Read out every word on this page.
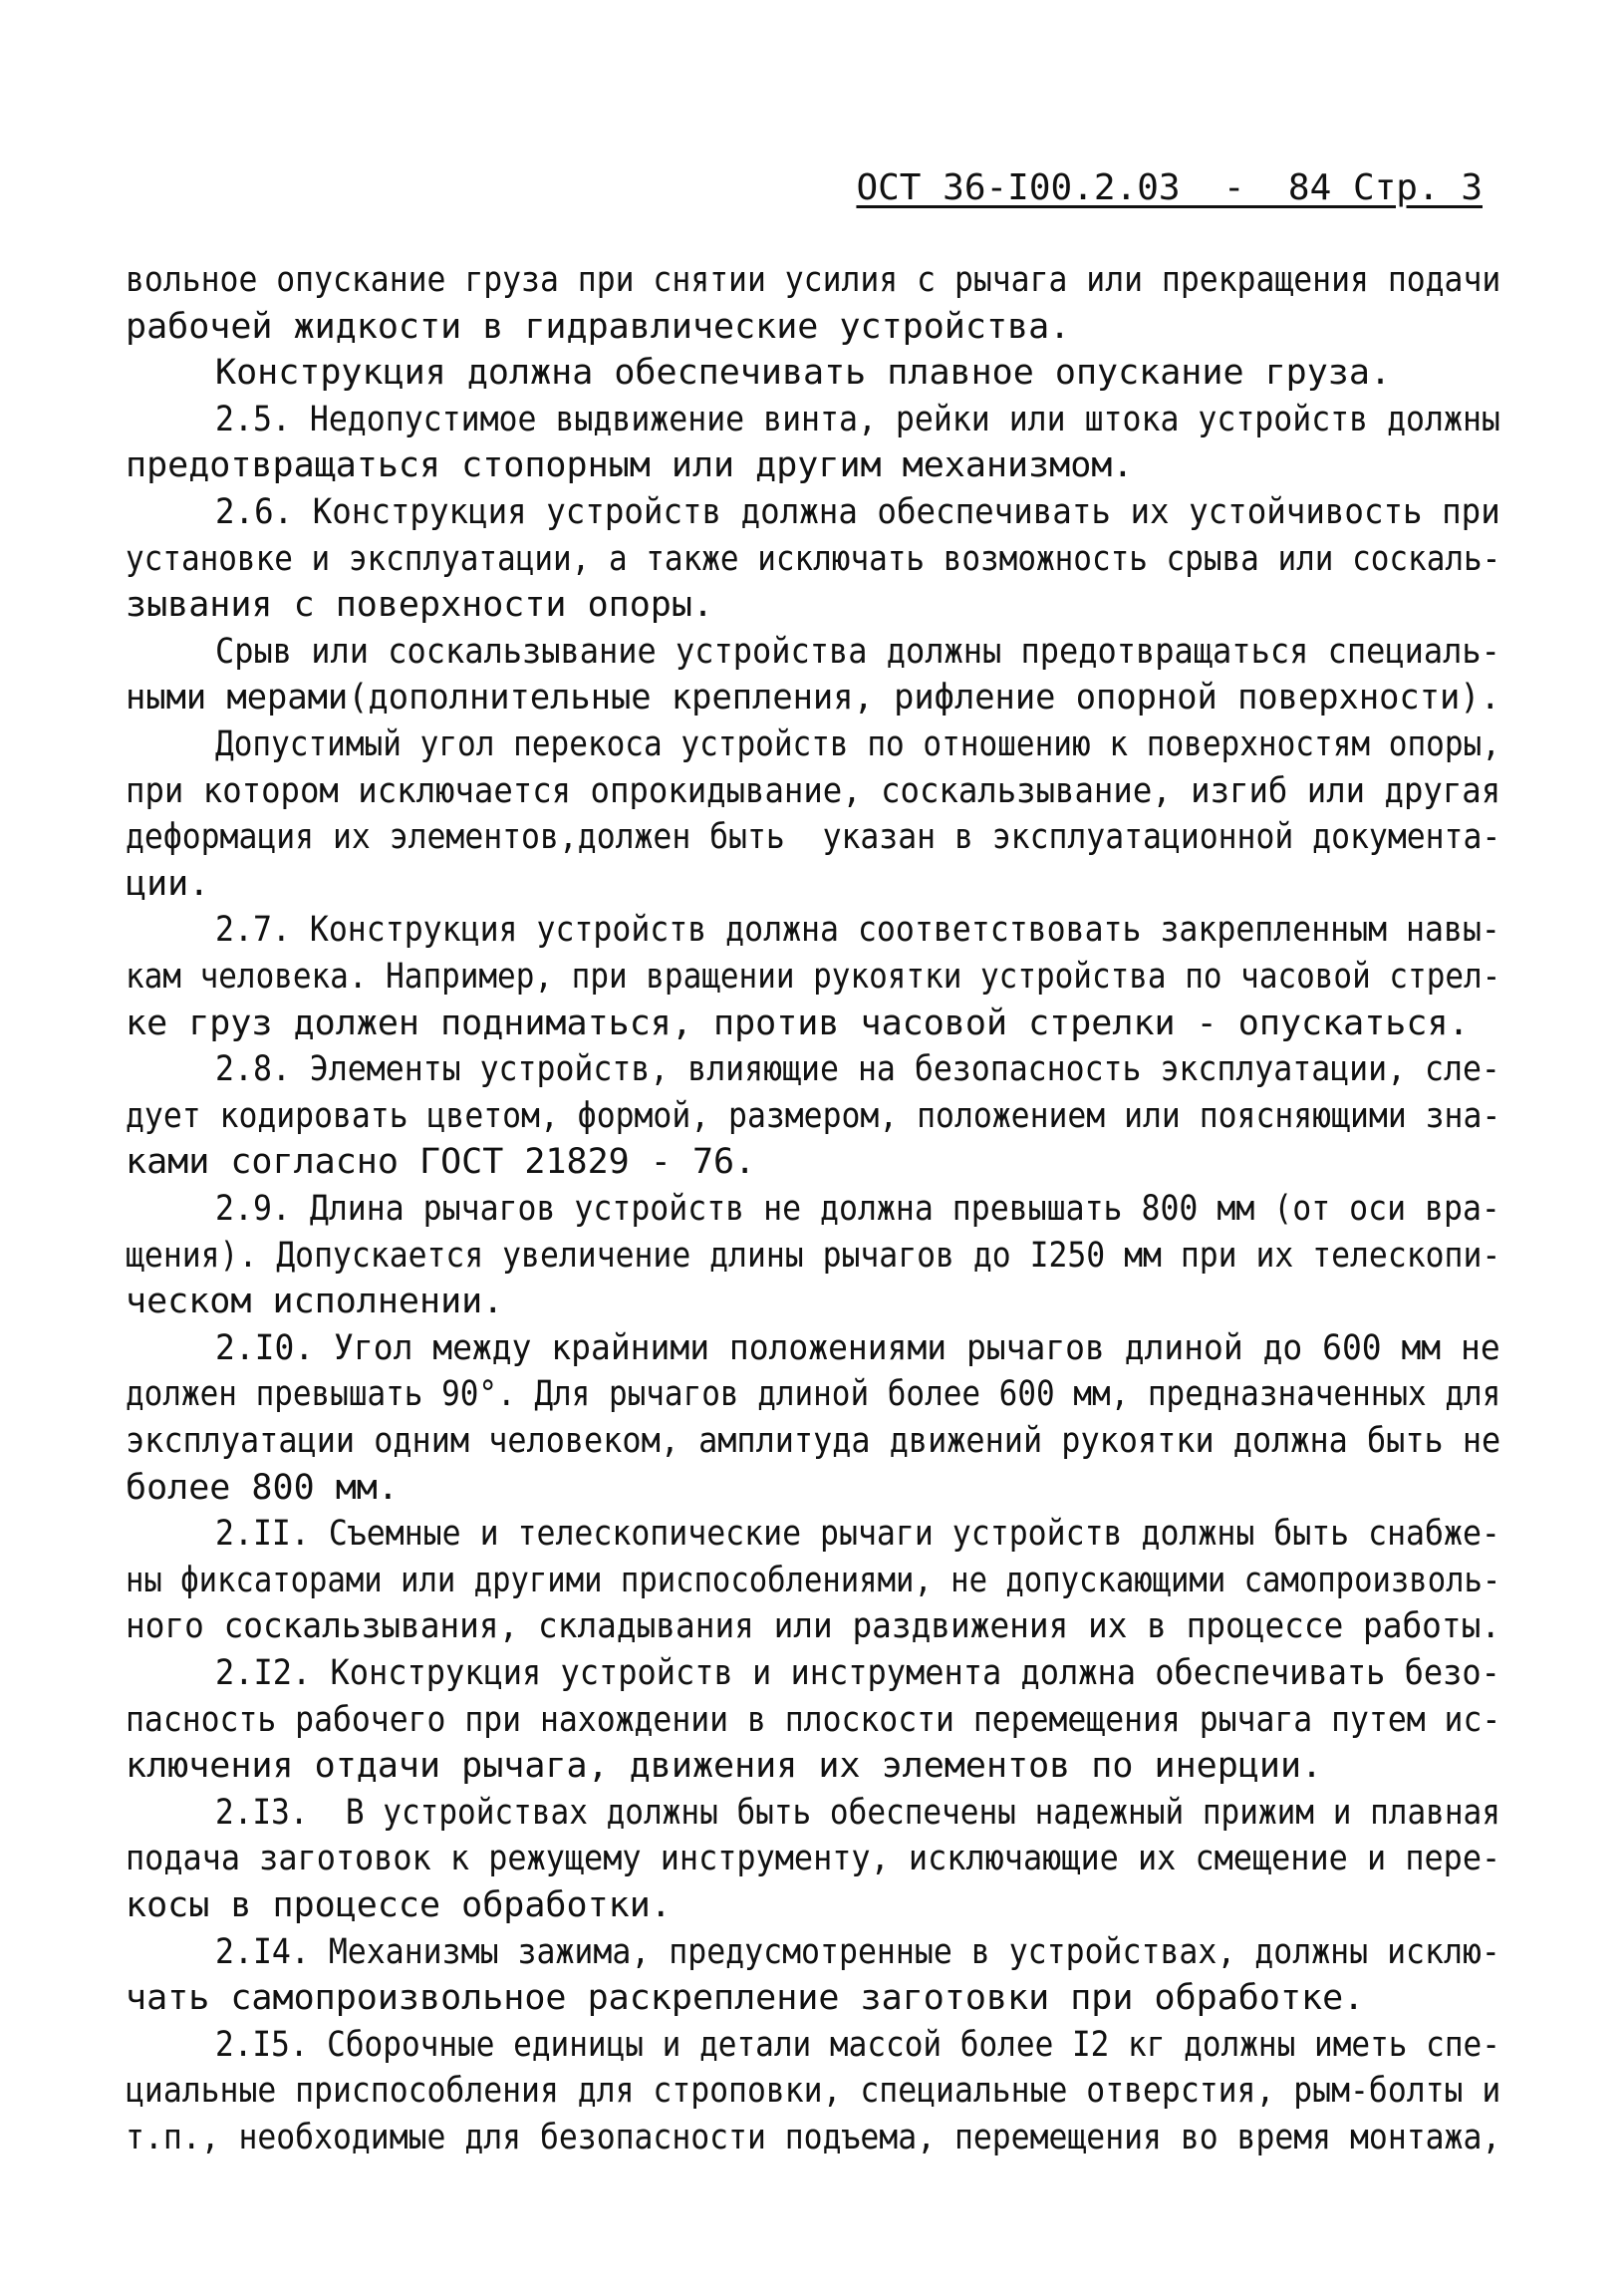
ОСТ 36-I00.2.03  -  84 Стр. 3
вольное опускание груза при снятии усилия с рычага или прекращения подачи
рабочей жидкости в гидравлические устройства.
Конструкция должна обеспечивать плавное опускание груза.
2.5. Недопустимое выдвижение винта, рейки или штока устройств должны
предотвращаться стопорным или другим механизмом.
2.6. Конструкция устройств должна обеспечивать их устойчивость при
установке и эксплуатации, а также исключать возможность срыва или соскаль-
зывания с поверхности опоры.
Срыв или соскальзывание устройства должны предотвращаться специаль-
ными мерами(дополнительные крепления, рифление опорной поверхности).
Допустимый угол перекоса устройств по отношению к поверхностям опоры,
при котором исключается опрокидывание, соскальзывание, изгиб или другая
деформация их элементов,должен быть  указан в эксплуатационной документа-
ции.
2.7. Конструкция устройств должна соответствовать закрепленным навы-
кам человека. Например, при вращении рукоятки устройства по часовой стрел-
ке груз должен подниматься, против часовой стрелки - опускаться.
2.8. Элементы устройств, влияющие на безопасность эксплуатации, сле-
дует кодировать цветом, формой, размером, положением или поясняющими зна-
ками согласно ГОСТ 21829 - 76.
2.9. Длина рычагов устройств не должна превышать 800 мм (от оси вра-
щения). Допускается увеличение длины рычагов до I250 мм при их телескопи-
ческом исполнении.
2.I0. Угол между крайними положениями рычагов длиной до 600 мм не
должен превышать 90°. Для рычагов длиной более 600 мм, предназначенных для
эксплуатации одним человеком, амплитуда движений рукоятки должна быть не
более 800 мм.
2.II. Съемные и телескопические рычаги устройств должны быть снабже-
ны фиксаторами или другими приспособлениями, не допускающими самопроизволь-
ного соскальзывания, складывания или раздвижения их в процессе работы.
2.I2. Конструкция устройств и инструмента должна обеспечивать безо-
пасность рабочего при нахождении в плоскости перемещения рычага путем ис-
ключения отдачи рычага, движения их элементов по инерции.
2.I3.  В устройствах должны быть обеспечены надежный прижим и плавная
подача заготовок к режущему инструменту, исключающие их смещение и пере-
косы в процессе обработки.
2.I4. Механизмы зажима, предусмотренные в устройствах, должны исклю-
чать самопроизвольное раскрепление заготовки при обработке.
2.I5. Сборочные единицы и детали массой более I2 кг должны иметь спе-
циальные приспособления для строповки, специальные отверстия, рым-болты и
т.п., необходимые для безопасности подъема, перемещения во время монтажа,
